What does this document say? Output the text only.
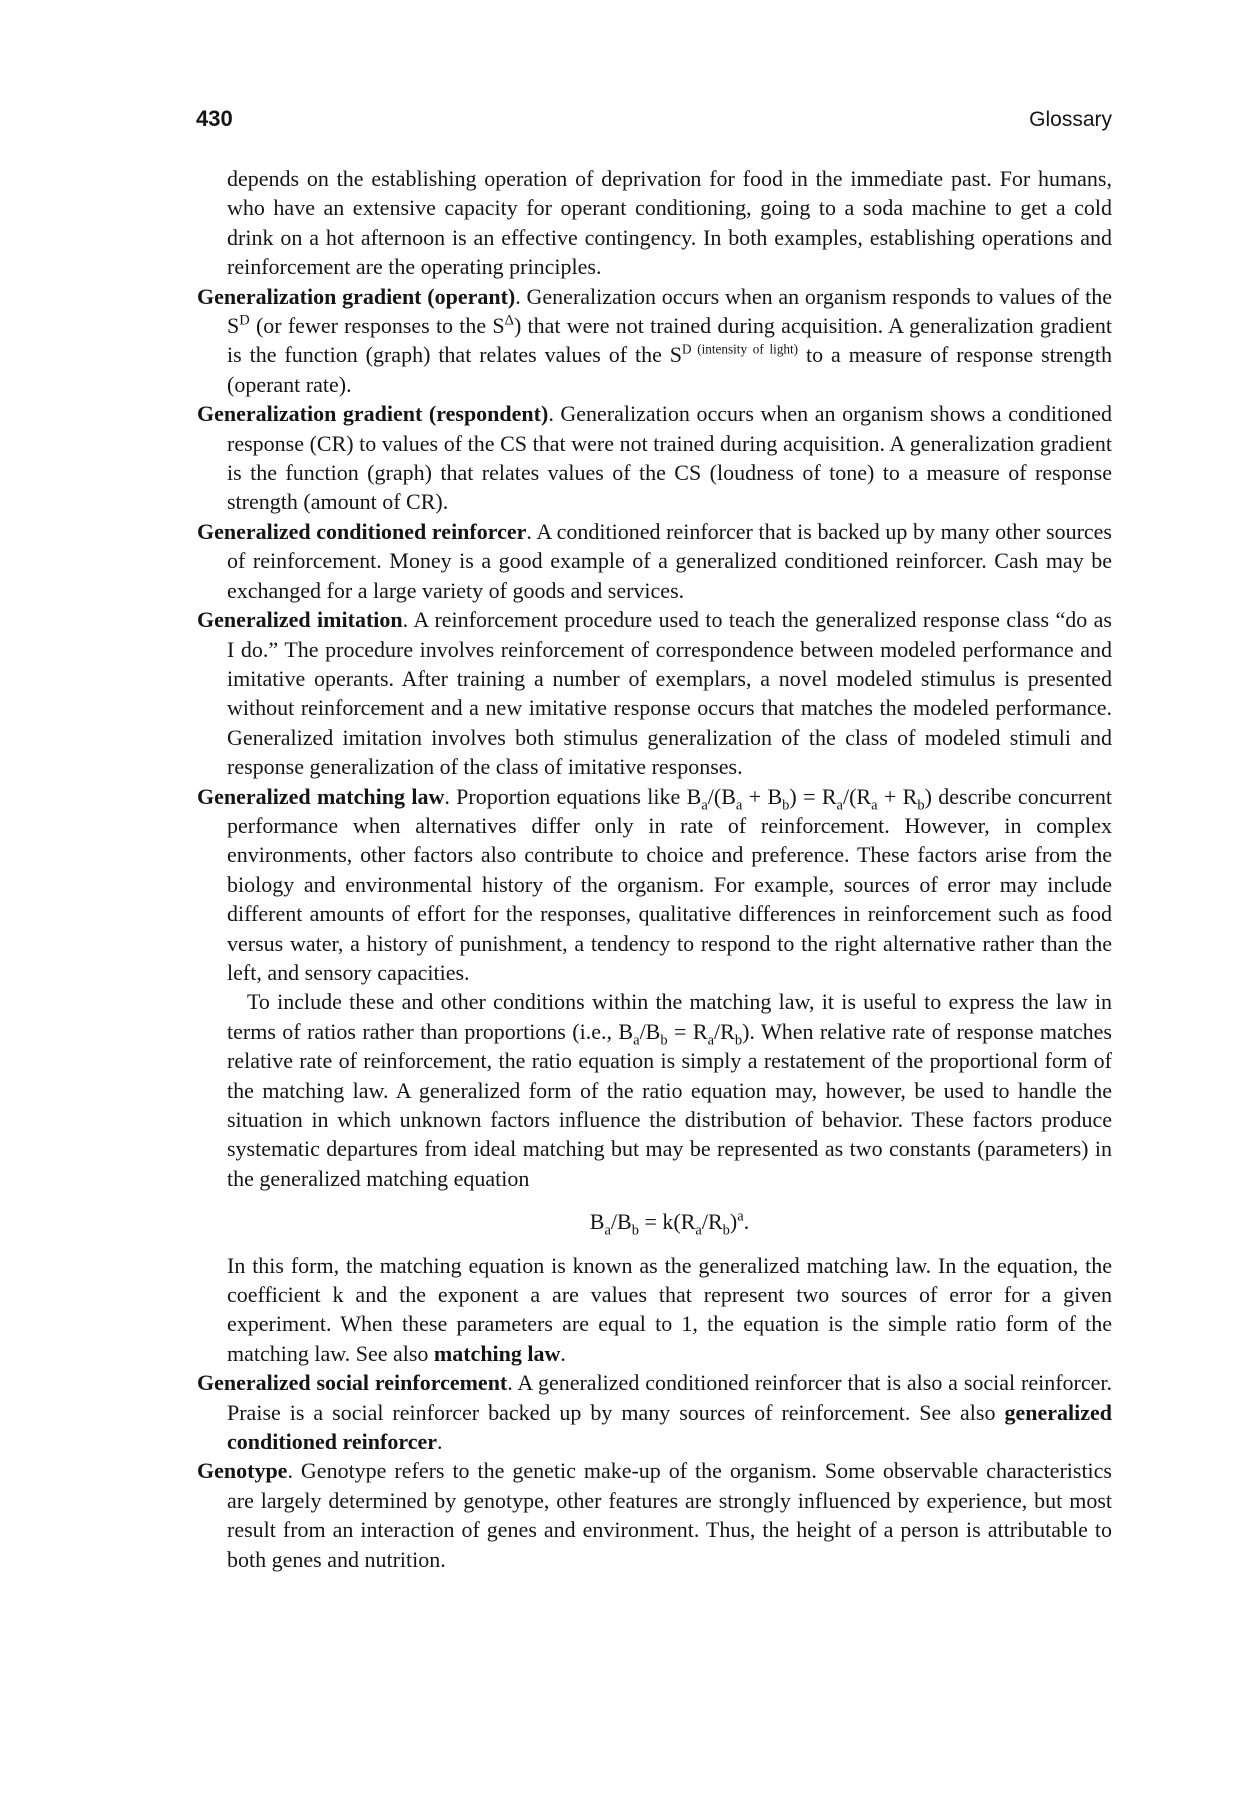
430	Glossary

depends on the establishing operation of deprivation for food in the immediate past. For humans, who have an extensive capacity for operant conditioning, going to a soda machine to get a cold drink on a hot afternoon is an effective contingency. In both examples, establishing operations and reinforcement are the operating principles.

Generalization gradient (operant). Generalization occurs when an organism responds to values of the $S^D$ (or fewer responses to the $S^\Delta$) that were not trained during acquisition. A generalization gradient is the function (graph) that relates values of the $S^{D (intensity of light)}$ to a measure of response strength (operant rate).

Generalization gradient (respondent). Generalization occurs when an organism shows a conditioned response (CR) to values of the CS that were not trained during acquisition. A generalization gradient is the function (graph) that relates values of the CS (loudness of tone) to a measure of response strength (amount of CR).

Generalized conditioned reinforcer. A conditioned reinforcer that is backed up by many other sources of reinforcement. Money is a good example of a generalized conditioned reinforcer. Cash may be exchanged for a large variety of goods and services.

Generalized imitation. A reinforcement procedure used to teach the generalized response class “do as I do.” The procedure involves reinforcement of correspondence between modeled performance and imitative operants. After training a number of exemplars, a novel modeled stimulus is presented without reinforcement and a new imitative response occurs that matches the modeled performance. Generalized imitation involves both stimulus generalization of the class of modeled stimuli and response generalization of the class of imitative responses.

Generalized matching law. Proportion equations like $B_a/(B_a + B_b) = R_a/(R_a + R_b)$ describe concurrent performance when alternatives differ only in rate of reinforcement. However, in complex environments, other factors also contribute to choice and preference. These factors arise from the biology and environmental history of the organism. For example, sources of error may include different amounts of effort for the responses, qualitative differences in reinforcement such as food versus water, a history of punishment, a tendency to respond to the right alternative rather than the left, and sensory capacities.

To include these and other conditions within the matching law, it is useful to express the law in terms of ratios rather than proportions (i.e., $B_a/B_b = R_a/R_b$). When relative rate of response matches relative rate of reinforcement, the ratio equation is simply a restatement of the proportional form of the matching law. A generalized form of the ratio equation may, however, be used to handle the situation in which unknown factors influence the distribution of behavior. These factors produce systematic departures from ideal matching but may be represented as two constants (parameters) in the generalized matching equation

$B_a/B_b = k(R_a/R_b)^a$.

In this form, the matching equation is known as the generalized matching law. In the equation, the coefficient k and the exponent a are values that represent two sources of error for a given experiment. When these parameters are equal to 1, the equation is the simple ratio form of the matching law. See also matching law.

Generalized social reinforcement. A generalized conditioned reinforcer that is also a social reinforcer. Praise is a social reinforcer backed up by many sources of reinforcement. See also generalized conditioned reinforcer.

Genotype. Genotype refers to the genetic make-up of the organism. Some observable characteristics are largely determined by genotype, other features are strongly influenced by experience, but most result from an interaction of genes and environment. Thus, the height of a person is attributable to both genes and nutrition.
